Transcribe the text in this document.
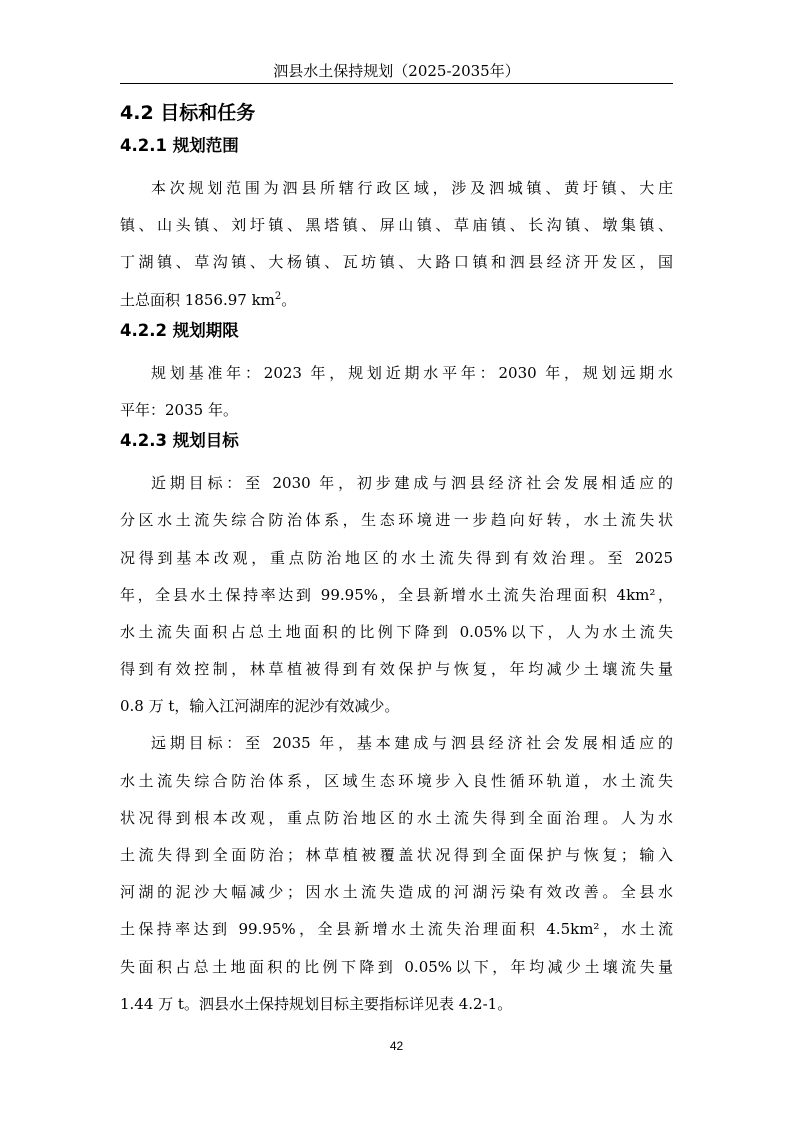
泗县水土保持规划（2025-2035年）
4.2 目标和任务
4.2.1 规划范围
本次规划范围为泗县所辖行政区域，涉及泗城镇、黄圩镇、大庄
镇、山头镇、刘圩镇、黑塔镇、屏山镇、草庙镇、长沟镇、墩集镇、
丁湖镇、草沟镇、大杨镇、瓦坊镇、大路口镇和泗县经济开发区，国
土总面积 1856.97 $km^2$。
4.2.2 规划期限
规划基准年：2023 年，规划近期水平年：2030 年，规划远期水
平年：2035 年。
4.2.3 规划目标
近期目标：至 2030 年，初步建成与泗县经济社会发展相适应的
分区水土流失综合防治体系，生态环境进一步趋向好转，水土流失状
况得到基本改观，重点防治地区的水土流失得到有效治理。至 2025
年，全县水土保持率达到 99.95%，全县新增水土流失治理面积 4km²，
水土流失面积占总土地面积的比例下降到 0.05%以下，人为水土流失
得到有效控制，林草植被得到有效保护与恢复，年均减少土壤流失量
0.8 万 t，输入江河湖库的泥沙有效减少。
远期目标：至 2035 年，基本建成与泗县经济社会发展相适应的
水土流失综合防治体系，区域生态环境步入良性循环轨道，水土流失
状况得到根本改观，重点防治地区的水土流失得到全面治理。人为水
土流失得到全面防治；林草植被覆盖状况得到全面保护与恢复；输入
河湖的泥沙大幅减少；因水土流失造成的河湖污染有效改善。全县水
土保持率达到 99.95%，全县新增水土流失治理面积 4.5km²，水土流
失面积占总土地面积的比例下降到 0.05%以下，年均减少土壤流失量
1.44 万 t。泗县水土保持规划目标主要指标详见表 4.2-1。
42
